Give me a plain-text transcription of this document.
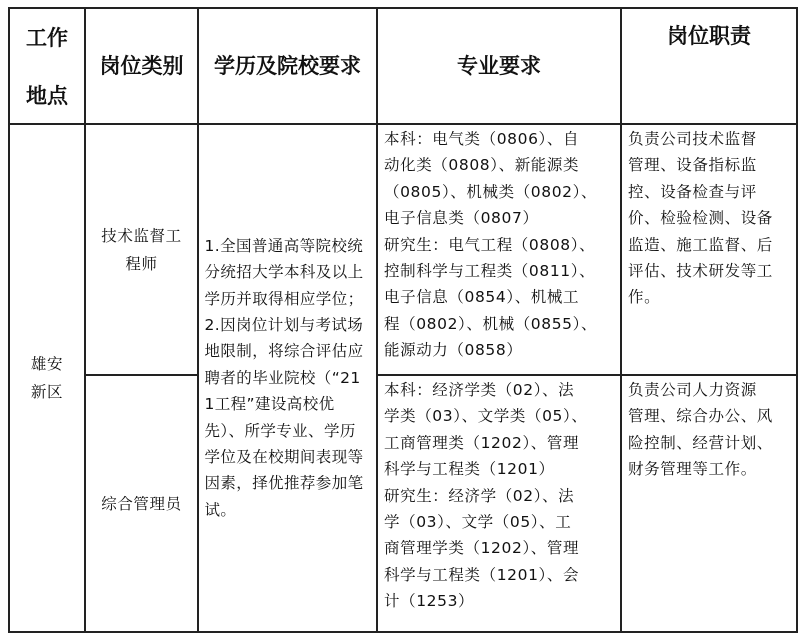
工作
地点
岗位类别	学历及院校要求	专业要求
岗位职责
雄安新区
技术监督工程师
综合管理员
1.全国普通高等院校统分统招大学本科及以上学历并取得相应学位；2.因岗位计划与考试场地限制，将综合评估应聘者的毕业院校（“211工程”建设高校优先）、所学专业、学历学位及在校期间表现等因素，择优推荐参加笔试。
本科：电气类（0806）、自
动化类（0808）、新能源类
（0805）、机械类（0802）、
电子信息类（0807）
研究生：电气工程（0808）、
控制科学与工程类（0811）、
电子信息（0854）、机械工
程（0802）、机械（0855）、
能源动力（0858）
本科：经济学类（02）、法
学类（03）、文学类（05）、
工商管理类（1202）、管理
科学与工程类（1201）
研究生：经济学（02）、法
学（03）、文学（05）、工
商管理学类（1202）、管理
科学与工程类（1201）、会
计（1253）
负责公司技术监督
管理、设备指标监
控、设备检查与评
价、检验检测、设备
监造、施工监督、后
评估、技术研发等工
作。
负责公司人力资源
管理、综合办公、风
险控制、经营计划、
财务管理等工作。
